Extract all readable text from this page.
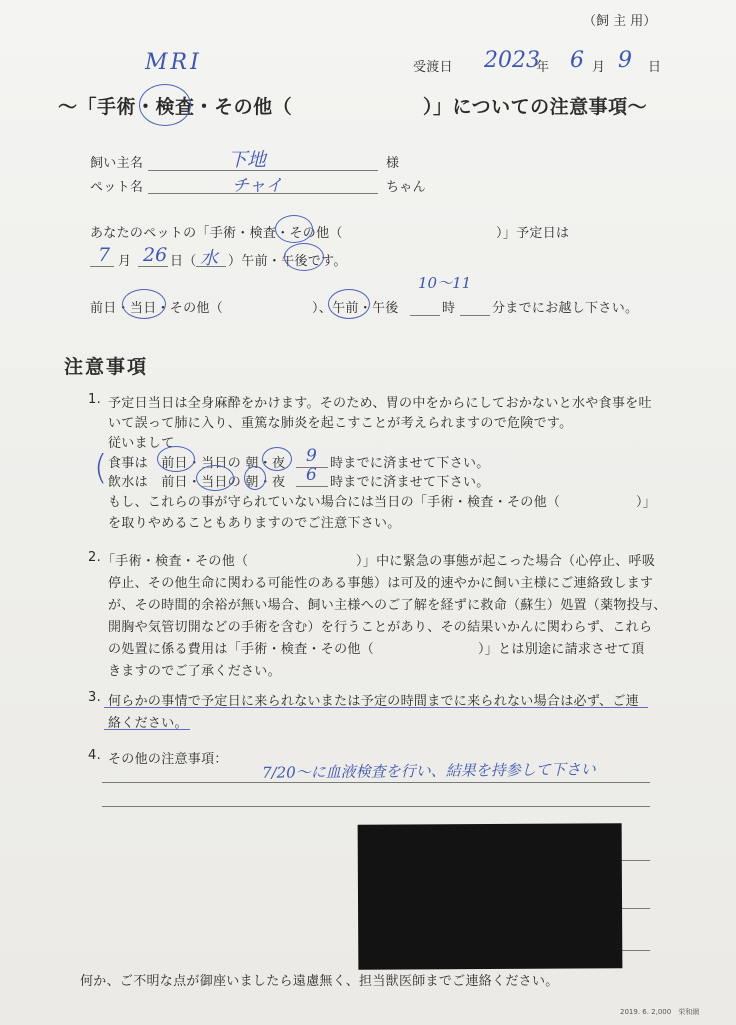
（飼 主 用）
MRI	受渡日 2023
年 6 月 9 日
〜「手術・検査・その他（	）」についての注意事項〜
飼い主名	下地	様
ペット名	チャイ	ちゃん
あなたのペットの「手術・検査・その他（	）」予定日は
7 月 26 日（ 水 ）午前・午後です。
前日・当日・その他（	）、午前・午後
10〜11
時	分までにお越し下さい。
注意事項
1. 予定日当日は全身麻酔をかけます。そのため、胃の中をからにしておかないと水や食事を吐
いて誤って肺に入り、重篤な肺炎を起こすことが考えられますので危険です。
従いまして
( 食事は　前日・当日の 朝・夜 9 時までに済ませて下さい。
飲水は　前日・当日の 朝・夜 6 時までに済ませて下さい。
もし、これらの事が守られていない場合には当日の「手術・検査・その他（	）」
を取りやめることもありますのでご注意下さい。
2. 「手術・検査・その他（	）」中に緊急の事態が起こった場合（心停止、呼吸
停止、その他生命に関わる可能性のある事態）は可及的速やかに飼い主様にご連絡致します
が、その時間的余裕が無い場合、飼い主様へのご了解を経ずに救命（蘇生）処置（薬物投与、
開胸や気管切開などの手術を含む）を行うことがあり、その結果いかんに関わらず、これら
の処置に係る費用は「手術・検査・その他（	）」とは別途に請求させて頂
きますのでご了承ください。
3. 何らかの事情で予定日に来られないまたは予定の時間までに来られない場合は必ず、ご連
絡ください。
4. その他の注意事項：
7/20〜に血液検査を行い、結果を持参して下さい
何か、ご不明な点が御座いましたら遠慮無く、担当獣医師までご連絡ください。
2019. 6. 2,000　栄和網
